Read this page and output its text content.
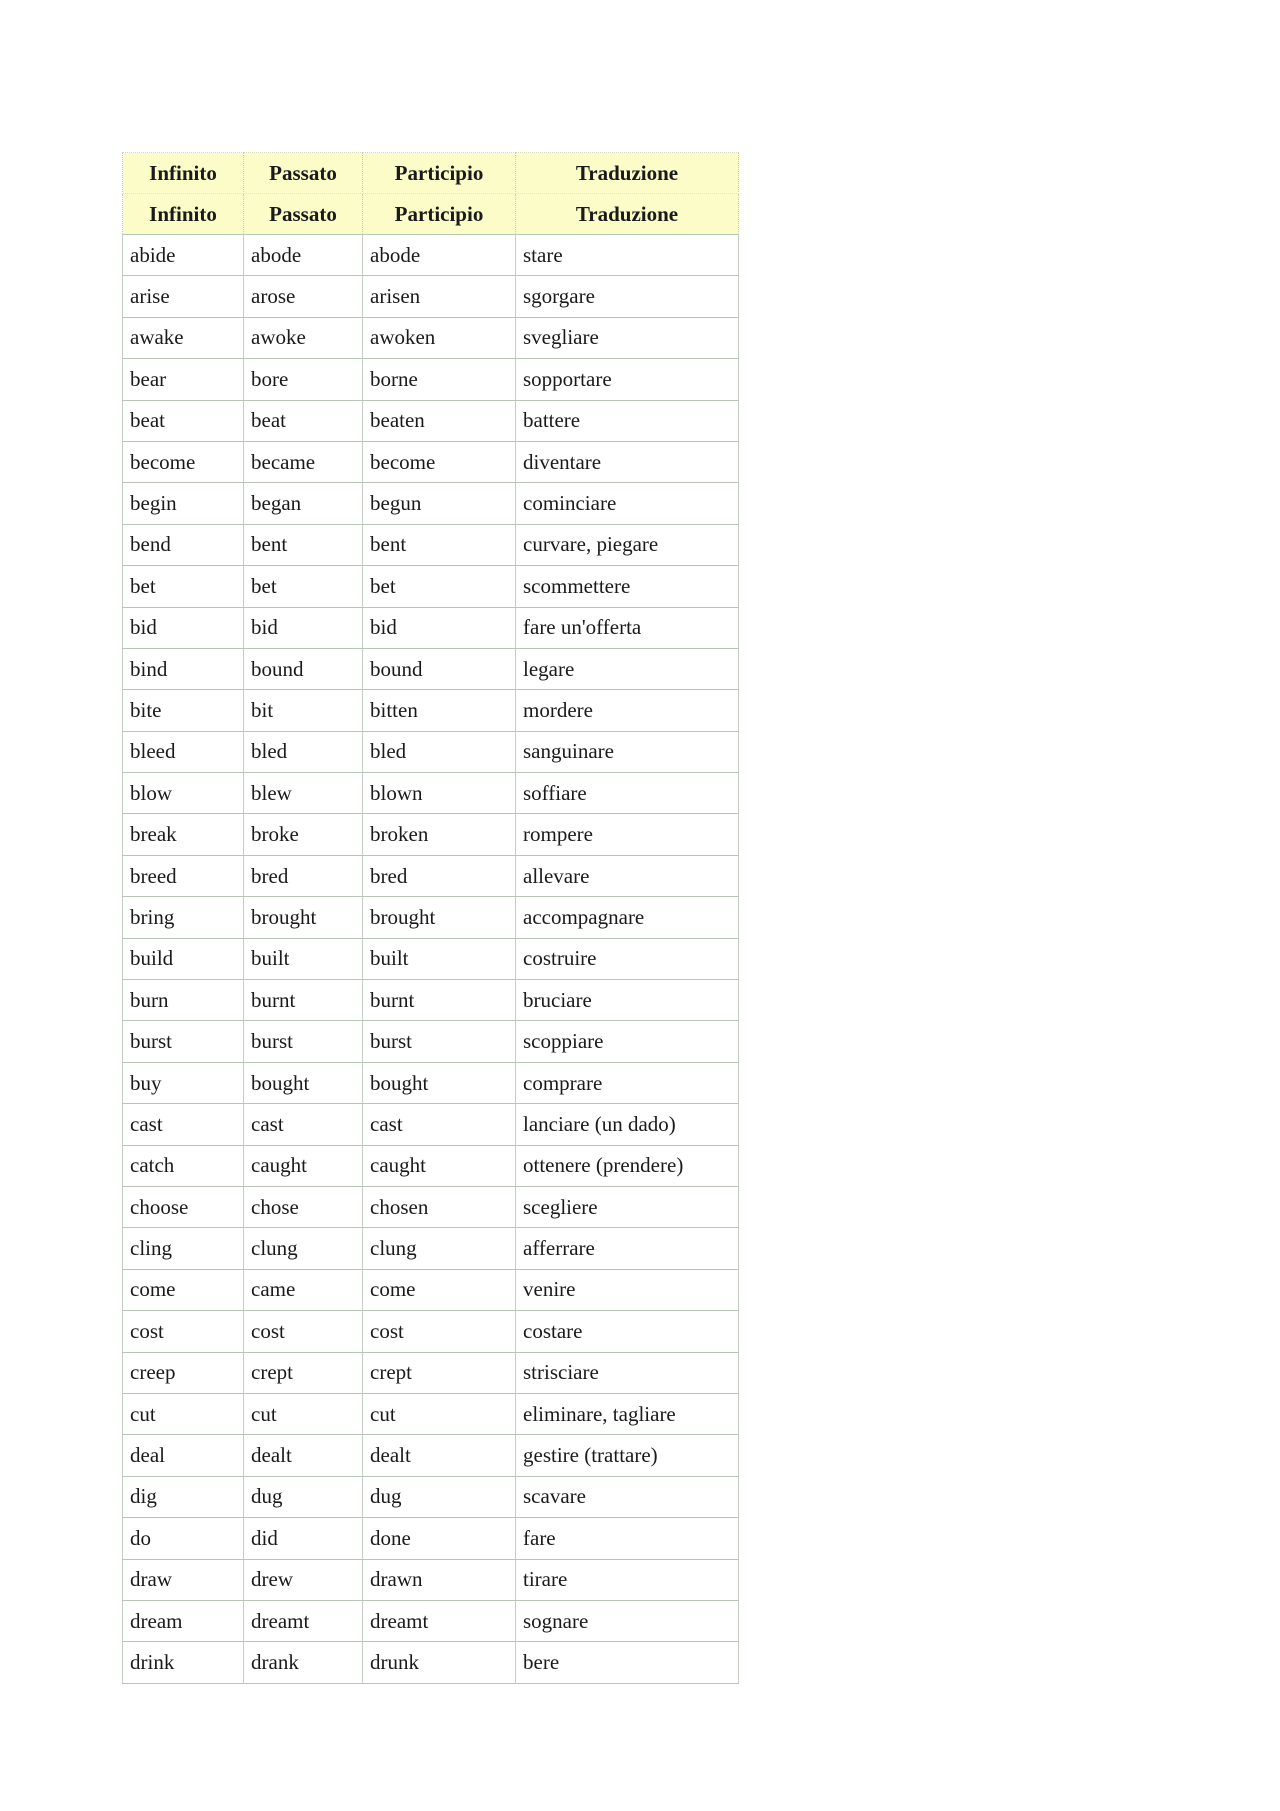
Infinito	Passato	Participio	Traduzione
Infinito	Passato	Participio	Traduzione
abide	abode	abode	stare
arise	arose	arisen	sgorgare
awake	awoke	awoken	svegliare
bear	bore	borne	sopportare
beat	beat	beaten	battere
become	became	become	diventare
begin	began	begun	cominciare
bend	bent	bent	curvare, piegare
bet	bet	bet	scommettere
bid	bid	bid	fare un'offerta
bind	bound	bound	legare
bite	bit	bitten	mordere
bleed	bled	bled	sanguinare
blow	blew	blown	soffiare
break	broke	broken	rompere
breed	bred	bred	allevare
bring	brought	brought	accompagnare
build	built	built	costruire
burn	burnt	burnt	bruciare
burst	burst	burst	scoppiare
buy	bought	bought	comprare
cast	cast	cast	lanciare (un dado)
catch	caught	caught	ottenere (prendere)
choose	chose	chosen	scegliere
cling	clung	clung	afferrare
come	came	come	venire
cost	cost	cost	costare
creep	crept	crept	strisciare
cut	cut	cut	eliminare, tagliare
deal	dealt	dealt	gestire (trattare)
dig	dug	dug	scavare
do	did	done	fare
draw	drew	drawn	tirare
dream	dreamt	dreamt	sognare
drink	drank	drunk	bere
